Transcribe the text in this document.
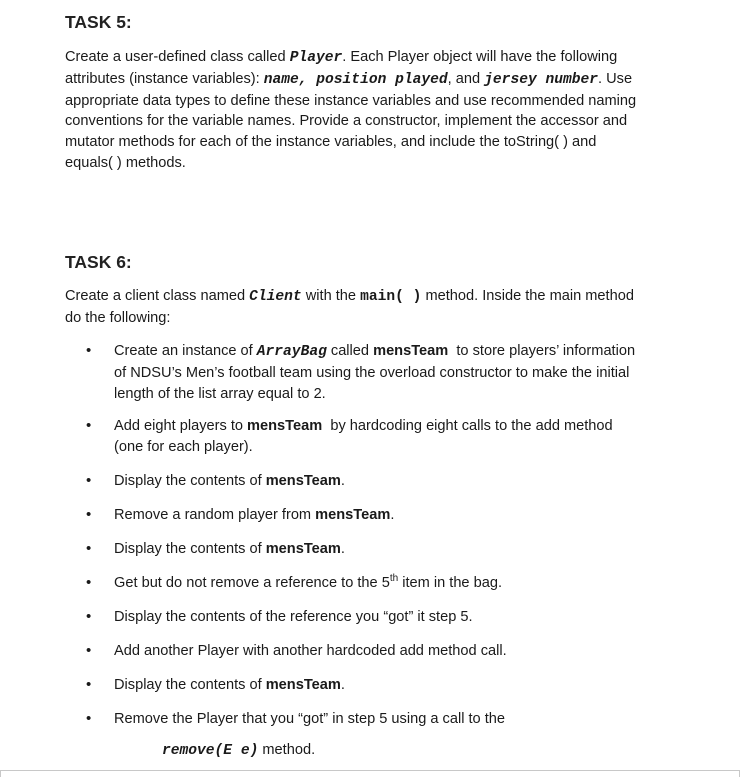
TASK 5:

Create a user-defined class called Player. Each Player object will have the following attributes (instance variables): name, position played, and jersey number. Use appropriate data types to define these instance variables and use recommended naming conventions for the variable names. Provide a constructor, implement the accessor and mutator methods for each of the instance variables, and include the toString( ) and equals( ) methods.

TASK 6:

Create a client class named Client with the main( ) method. Inside the main method do the following:

•	Create an instance of ArrayBag called mensTeam  to store players’ information of NDSU’s Men’s football team using the overload constructor to make the initial length of the list array equal to 2.
•	Add eight players to mensTeam  by hardcoding eight calls to the add method (one for each player).
•	Display the contents of mensTeam.
•	Remove a random player from mensTeam.
•	Display the contents of mensTeam.
•	Get but do not remove a reference to the 5th item in the bag.
•	Display the contents of the reference you “got” it step 5.
•	Add another Player with another hardcoded add method call.
•	Display the contents of mensTeam.
•	Remove the Player that you “got” in step 5 using a call to the

remove(E e) method.
